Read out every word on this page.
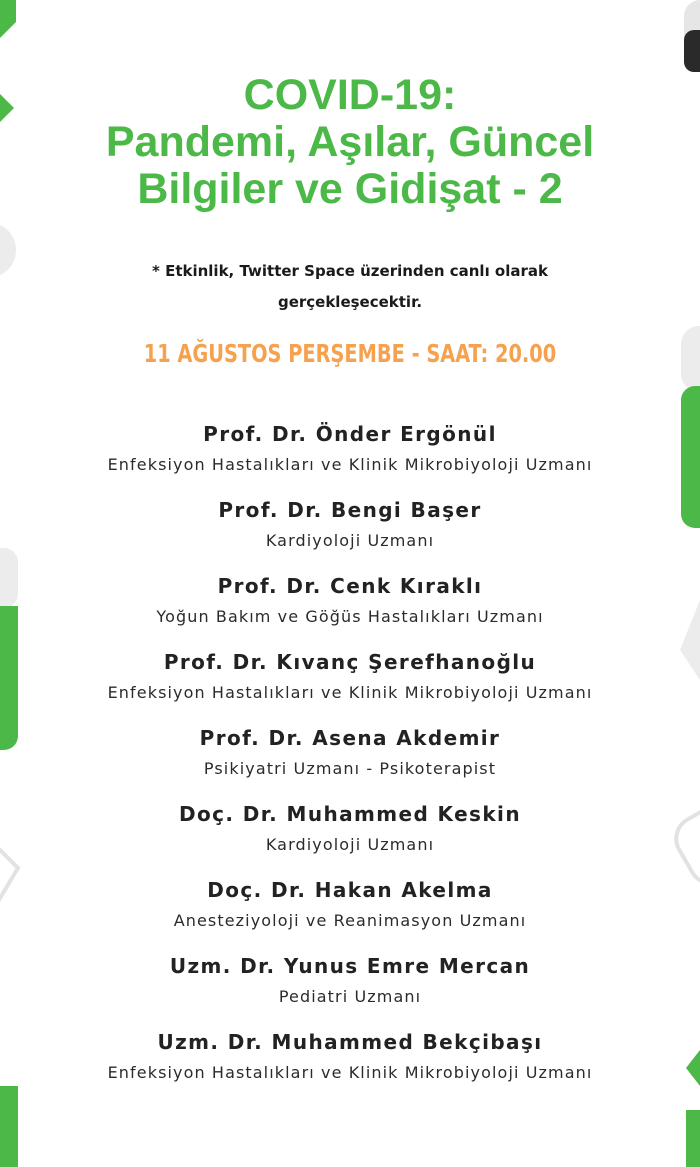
COVID-19:
Pandemi, Aşılar, Güncel
Bilgiler ve Gidişat - 2
* Etkinlik, Twitter Space üzerinden canlı olarak
gerçekleşecektir.
11 AĞUSTOS PERŞEMBE - SAAT: 20.00
Prof. Dr. Önder Ergönül
Enfeksiyon Hastalıkları ve Klinik Mikrobiyoloji Uzmanı
Prof. Dr. Bengi Başer
Kardiyoloji Uzmanı
Prof. Dr. Cenk Kıraklı
Yoğun Bakım ve Göğüs Hastalıkları Uzmanı
Prof. Dr. Kıvanç Şerefhanoğlu
Enfeksiyon Hastalıkları ve Klinik Mikrobiyoloji Uzmanı
Prof. Dr. Asena Akdemir
Psikiyatri Uzmanı - Psikoterapist
Doç. Dr. Muhammed Keskin
Kardiyoloji Uzmanı
Doç. Dr. Hakan Akelma
Anesteziyoloji ve Reanimasyon Uzmanı
Uzm. Dr. Yunus Emre Mercan
Pediatri Uzmanı
Uzm. Dr. Muhammed Bekçibaşı
Enfeksiyon Hastalıkları ve Klinik Mikrobiyoloji Uzmanı
